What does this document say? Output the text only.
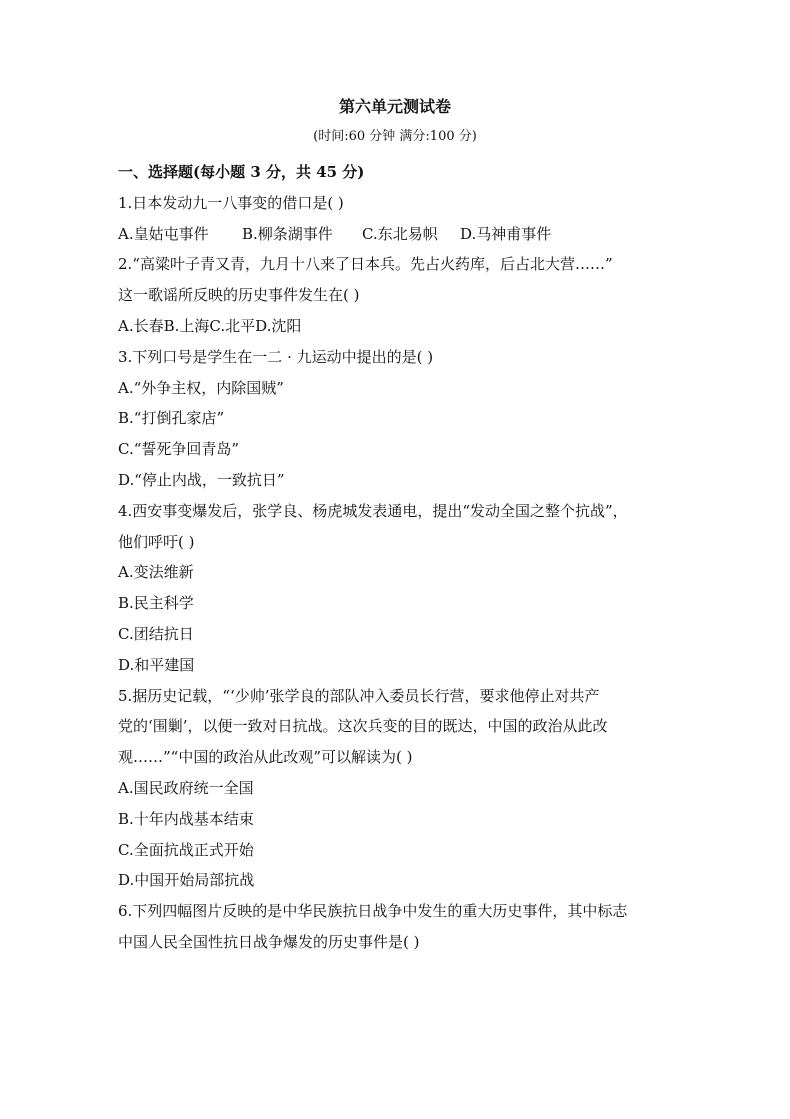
第六单元测试卷
(时间:60 分钟 满分:100 分)
一、选择题(每小题 3 分，共 45 分)
1.日本发动九一八事变的借口是( )
A.皇姑屯事件 B.柳条湖事件 C.东北易帜 D.马神甫事件
2.“高粱叶子青又青，九月十八来了日本兵。先占火药库，后占北大营……”
这一歌谣所反映的历史事件发生在( )
A.长春B.上海C.北平D.沈阳
3.下列口号是学生在一二 · 九运动中提出的是( )
A.“外争主权，内除国贼”
B.“打倒孔家店”
C.“誓死争回青岛”
D.“停止内战，一致抗日”
4.西安事变爆发后，张学良、杨虎城发表通电，提出“发动全国之整个抗战”，
他们呼吁( )
A.变法维新
B.民主科学
C.团结抗日
D.和平建国
5.据历史记载，“‘少帅’张学良的部队冲入委员长行营，要求他停止对共产
党的‘围剿’，以便一致对日抗战。这次兵变的目的既达，中国的政治从此改
观……”“中国的政治从此改观”可以解读为( )
A.国民政府统一全国
B.十年内战基本结束
C.全面抗战正式开始
D.中国开始局部抗战
6.下列四幅图片反映的是中华民族抗日战争中发生的重大历史事件，其中标志
中国人民全国性抗日战争爆发的历史事件是( )
